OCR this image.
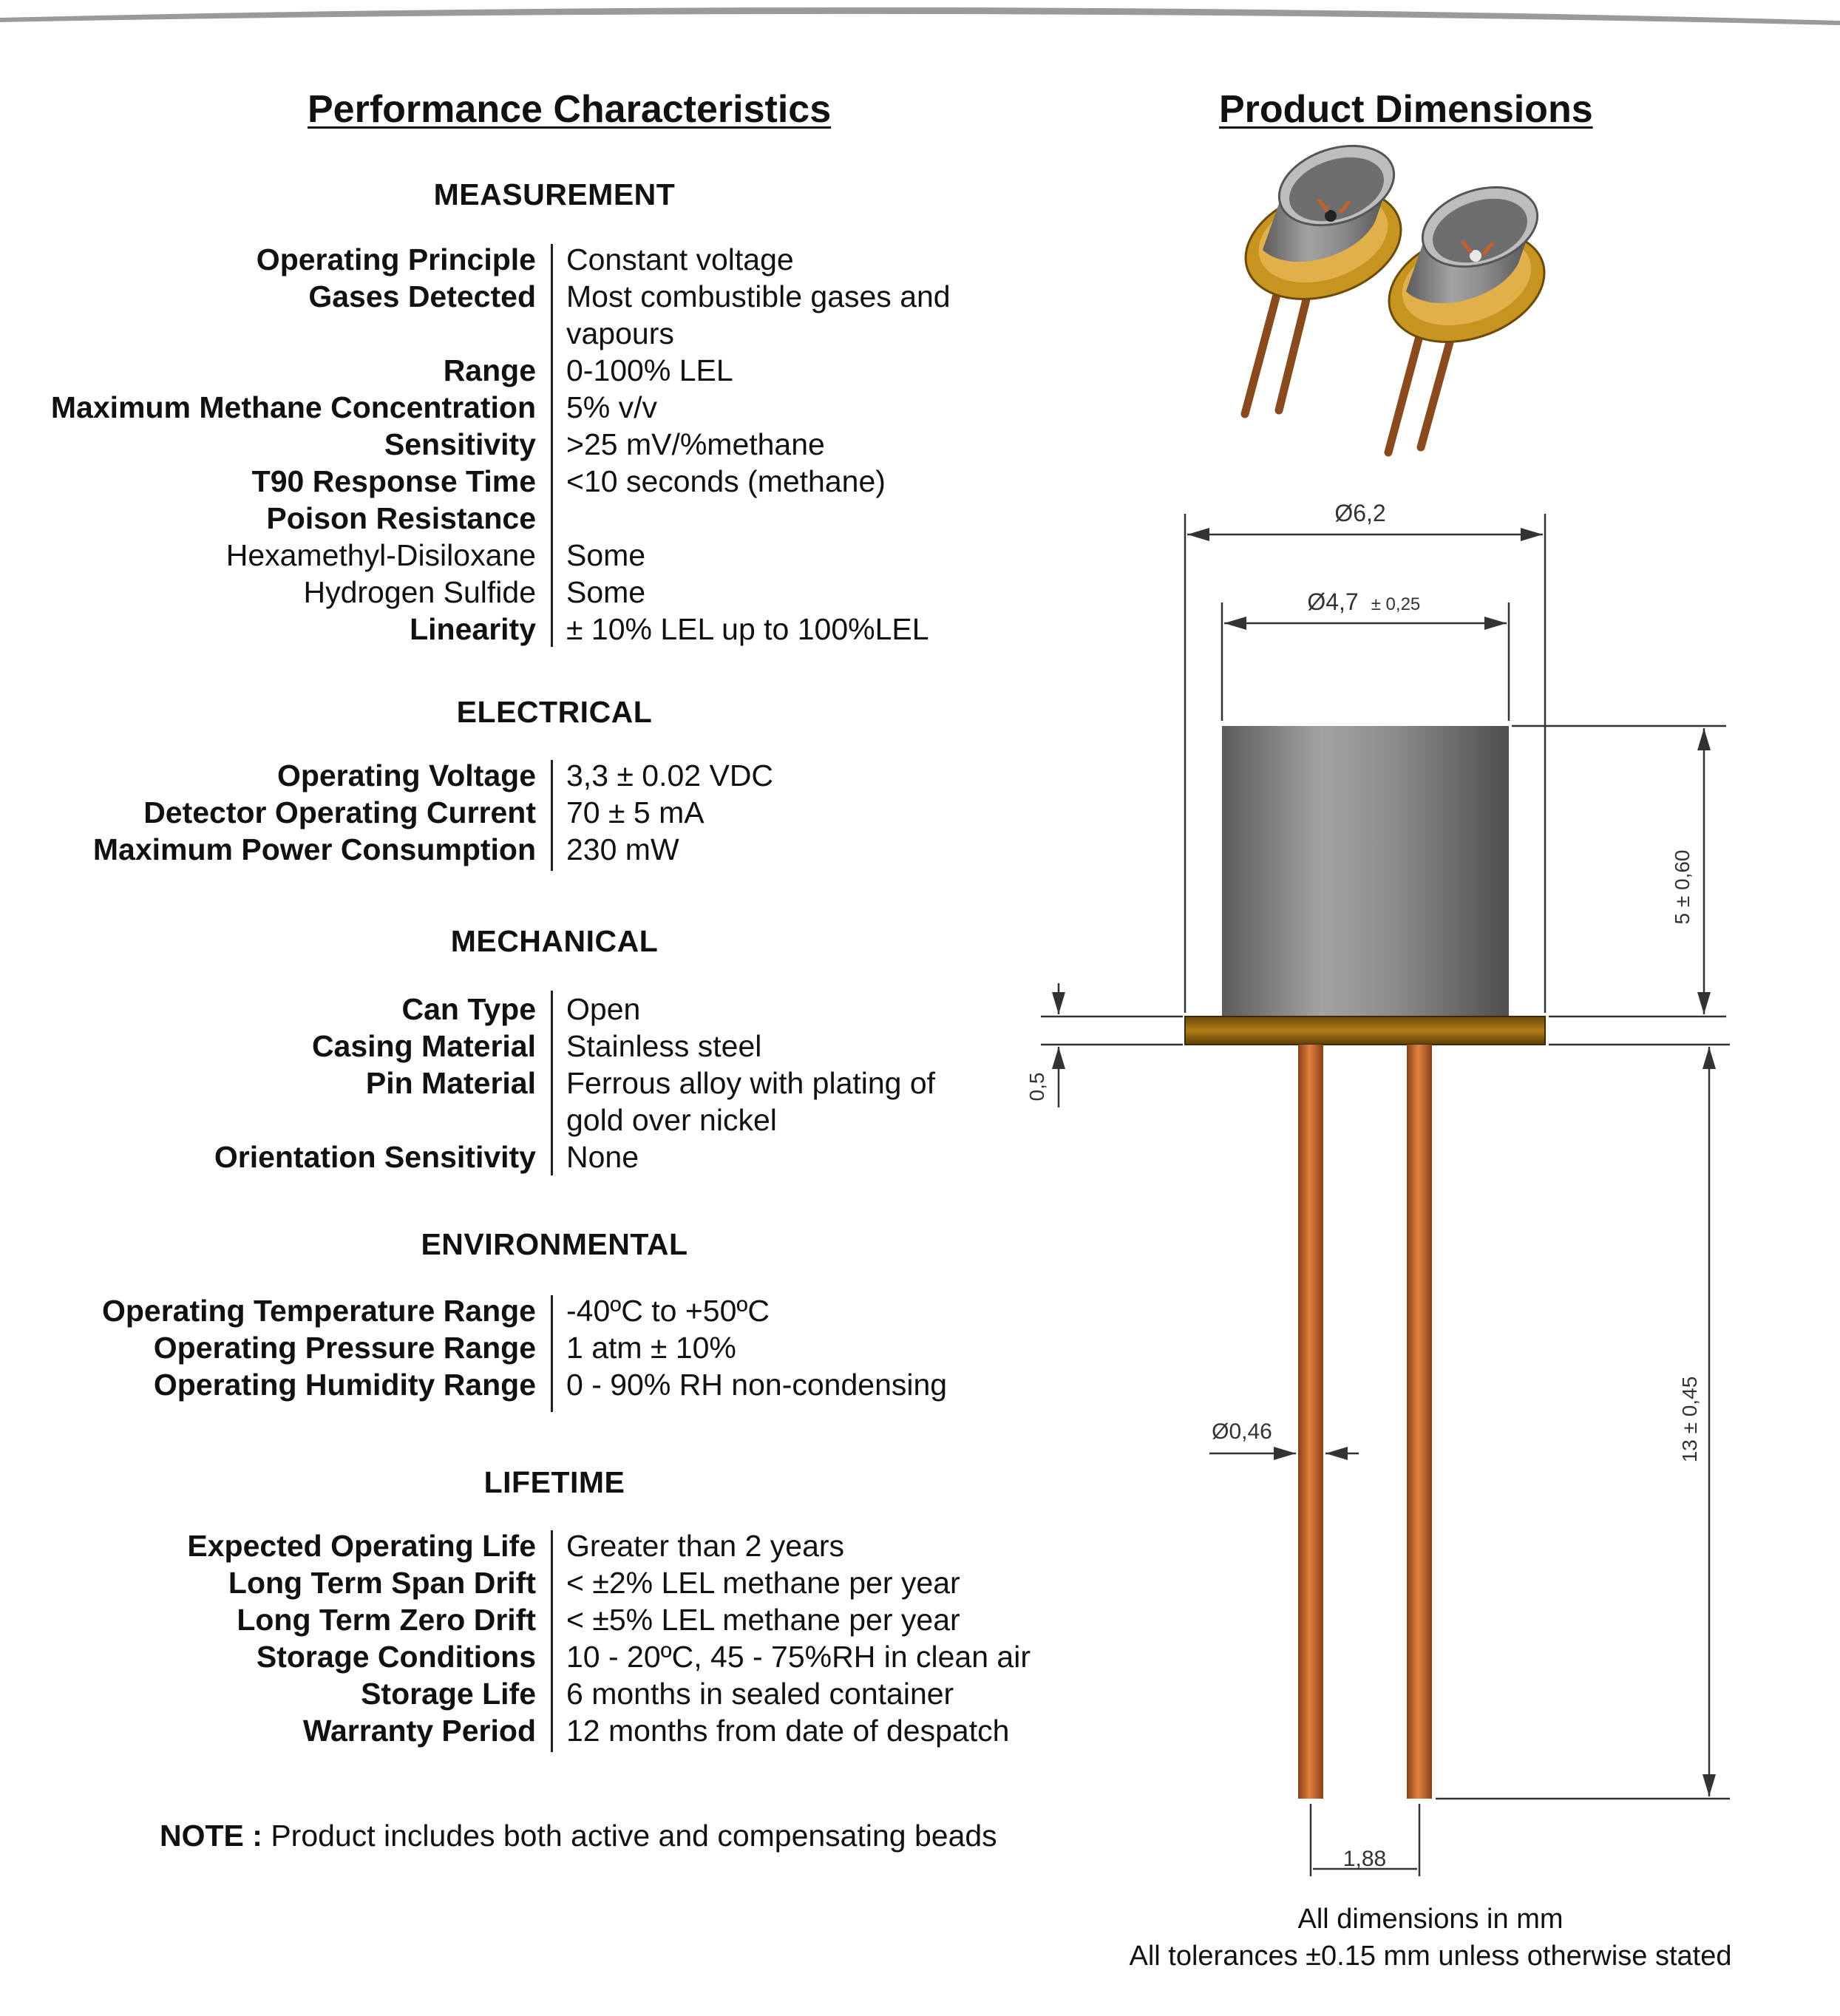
Performance Characteristics	Product Dimensions
MEASUREMENT
Operating Principle	Constant voltage
Gases Detected	Most combustible gases and
vapours
Range	0-100% LEL
Maximum Methane Concentration	5% v/v
Sensitivity	>25 mV/%methane
T90 Response Time	<10 seconds (methane)
Poison Resistance
Hexamethyl-Disiloxane	Some
Hydrogen Sulfide	Some
Linearity	± 10% LEL up to 100%LEL
ELECTRICAL
Operating Voltage	3,3 ± 0.02 VDC
Detector Operating Current	70 ± 5 mA
Maximum Power Consumption	230 mW
MECHANICAL
Can Type	Open
Casing Material	Stainless steel
Pin Material	Ferrous alloy with plating of
gold over nickel
Orientation Sensitivity	None
ENVIRONMENTAL
Operating Temperature Range	-40ºC to +50ºC
Operating Pressure Range	1 atm ± 10%
Operating Humidity Range	0 - 90% RH non-condensing
LIFETIME
Expected Operating Life	Greater than 2 years
Long Term Span Drift	< ±2% LEL methane per year
Long Term Zero Drift	< ±5% LEL methane per year
Storage Conditions	10 - 20ºC, 45 - 75%RH in clean air
Storage Life	6 months in sealed container
Warranty Period	12 months from date of despatch
NOTE : Product includes both active and compensating beads
Ø6,2
Ø4,7 ± 0,25
5 ± 0,60
0,5
13 ± 0,45
Ø0,46
1,88
All dimensions in mm
All tolerances ±0.15 mm unless otherwise stated
